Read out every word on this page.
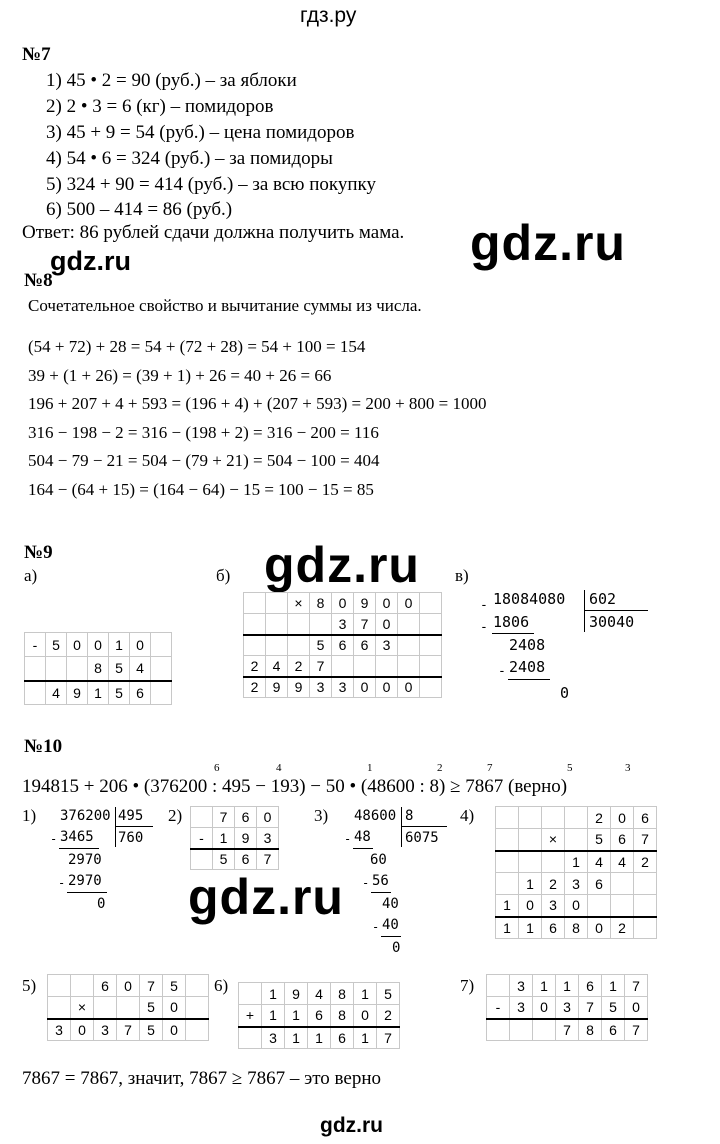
гдз.ру
№7
1) 45 • 2 = 90 (руб.) – за яблоки
2) 2 • 3 = 6 (кг) – помидоров
3) 45 + 9 = 54 (руб.) – цена помидоров
4) 54 • 6 = 324 (руб.) – за помидоры
5) 324 + 90 = 414 (руб.) – за всю покупку
6) 500 – 414 = 86 (руб.)
Ответ: 86 рублей сдачи должна получить мама. gdz.ru
gdz.ru
№8
Сочетательное свойство и вычитание суммы из числа.
(54 + 72) + 28 = 54 + (72 + 28) = 54 + 100 = 154
39 + (1 + 26) = (39 + 1) + 26 = 40 + 26 = 66
196 + 207 + 4 + 593 = (196 + 4) + (207 + 593) = 200 + 800 = 1000
316 − 198 − 2 = 316 − (198 + 2) = 316 − 200 = 116
504 − 79 − 21 = 504 − (79 + 21) = 504 − 100 = 404
164 − (64 + 15) = (164 − 64) − 15 = 100 − 15 = 85
№9
а)	б) gdz.ru в)
-	5	0	0	1	0	
			8	5	4	
	4	9	1	5	6	
		×	8	0	9	0	0	
				3	7	0		
			5	6	6	3		
2	4	2	7					
2	9	9	3	3	0	0	0	
- 18084080 602
30040
- 1806
2408
- 2408
0
№10
6	4	1	2	7	5	3
194815 + 206 • (376200 : 495 − 193) − 50 • (48600 : 8) ≥ 7867 (верно)
1)	2)	3)	4)
5)	6)	7)
376200 495
760
- 3465
2970
- 2970
0
	7	6	0
-	1	9	3
	5	6	7
48600 8
6075
- 48
60
- 56
40
- 40
0
				2	0	6
		×		5	6	7
			1	4	4	2
	1	2	3	6		
1	0	3	0			
1	1	6	8	0	2	
gdz.ru
		6	0	7	5	
	×			5	0	
3	0	3	7	5	0	
	1	9	4	8	1	5
+	1	1	6	8	0	2
	3	1	1	6	1	7
	3	1	1	6	1	7
-	3	0	3	7	5	0
			7	8	6	7
7867 = 7867, значит, 7867 ≥ 7867 – это верно
gdz.ru
